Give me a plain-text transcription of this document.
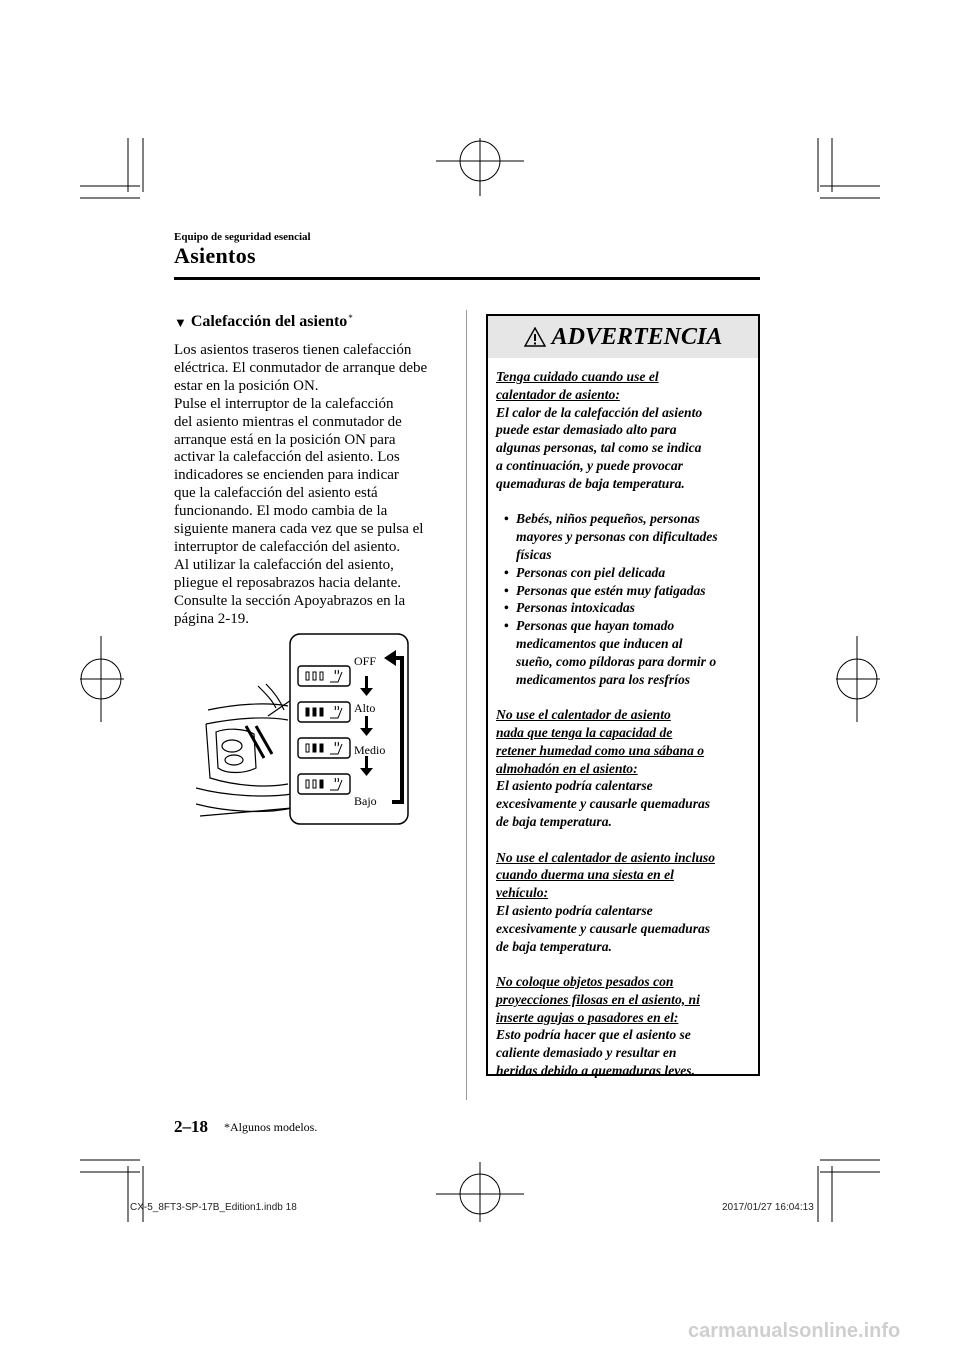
Equipo de seguridad esencial
Asientos
▼ Calefacción del asiento*

Los asientos traseros tienen calefacción

eléctrica. El conmutador de arranque debe

estar en la posición ON.

Pulse el interruptor de la calefacción

del asiento mientras el conmutador de

arranque está en la posición ON para

activar la calefacción del asiento. Los

indicadores se encienden para indicar

que la calefacción del asiento está

funcionando. El modo cambia de la

siguiente manera cada vez que se pulsa el

interruptor de calefacción del asiento.

Al utilizar la calefacción del asiento,

pliegue el reposabrazos hacia delante.

Consulte la sección Apoyabrazos en la

página 2-19.

OFF
Alto
Medio
Bajo
ADVERTENCIA
Tenga cuidado cuando use el
calentador de asiento:
El calor de la calefacción del asiento
puede estar demasiado alto para
algunas personas, tal como se indica
a continuación, y puede provocar
quemaduras de baja temperatura.
• Bebés, niños pequeños, personas
mayores y personas con dificultades
físicas
• Personas con piel delicada
• Personas que estén muy fatigadas
• Personas intoxicadas
• Personas que hayan tomado
medicamentos que inducen al
sueño, como píldoras para dormir o
medicamentos para los resfríos
No use el calentador de asiento
nada que tenga la capacidad de
retener humedad como una sábana o
almohadón en el asiento:
El asiento podría calentarse
excesivamente y causarle quemaduras
de baja temperatura.
No use el calentador de asiento incluso
cuando duerma una siesta en el
vehículo:
El asiento podría calentarse
excesivamente y causarle quemaduras
de baja temperatura.
No coloque objetos pesados con
proyecciones filosas en el asiento, ni
inserte agujas o pasadores en el:
Esto podría hacer que el asiento se
caliente demasiado y resultar en
heridas debido a quemaduras leves.
2–18 *Algunos modelos.
CX-5_8FT3-SP-17B_Edition1.indb 18	2017/01/27 16:04:13
carmanualsonline.info
